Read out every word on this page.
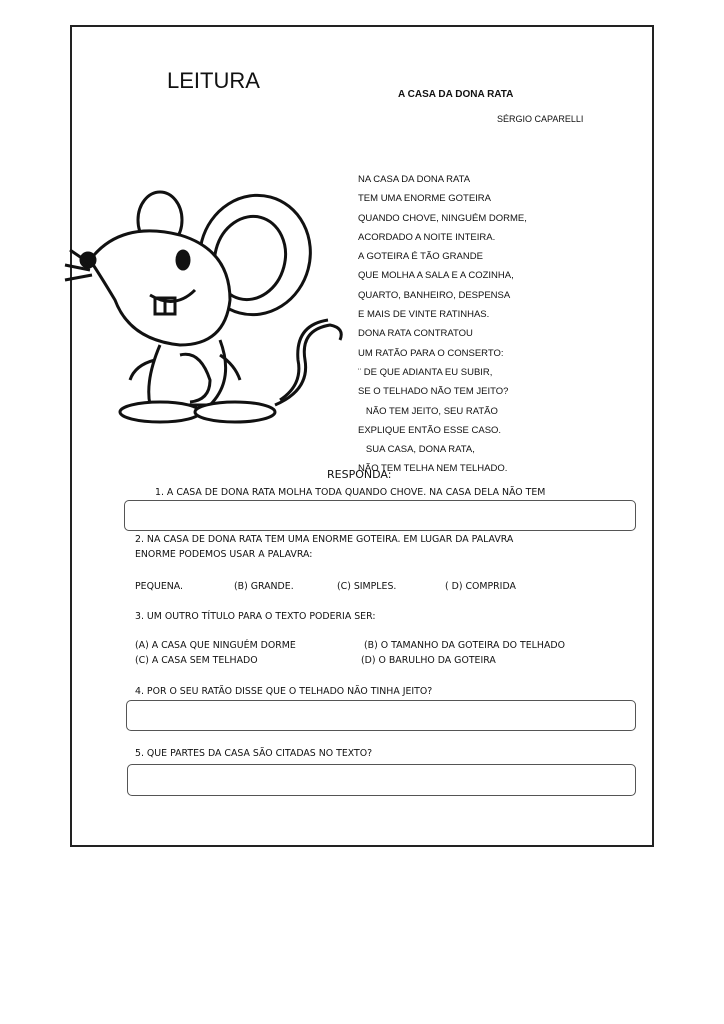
LEITURA
A CASA DA DONA RATA
SÉRGIO CAPARELLI
NA CASA DA DONA RATA
TEM UMA ENORME GOTEIRA
QUANDO CHOVE, NINGUÉM DORME,
ACORDADO A NOITE INTEIRA.
A GOTEIRA É TÃO GRANDE
QUE MOLHA A SALA E A COZINHA,
QUARTO, BANHEIRO, DESPENSA
E MAIS DE VINTE RATINHAS.
DONA RATA CONTRATOU
UM RATÃO PARA O CONSERTO:
¨ DE QUE ADIANTA EU SUBIR,
SE O TELHADO NÃO TEM JEITO?
NÃO TEM JEITO, SEU RATÃO
EXPLIQUE ENTÃO ESSE CASO.
SUA CASA, DONA RATA,
NÃO TEM TELHA NEM TELHADO.
RESPONDA:
1. A CASA DE DONA RATA MOLHA TODA QUANDO CHOVE. NA CASA DELA NÃO TEM
2. NA CASA DE DONA RATA TEM UMA ENORME GOTEIRA. EM LUGAR DA PALAVRA
ENORME PODEMOS USAR A PALAVRA:
PEQUENA.	(B) GRANDE.	(C) SIMPLES.	( D) COMPRIDA
3. UM OUTRO TÍTULO PARA O TEXTO PODERIA SER:
(A) A CASA QUE NINGUÉM DORME	(B) O TAMANHO DA GOTEIRA DO TELHADO
(C) A CASA SEM TELHADO	(D) O BARULHO DA GOTEIRA
4. POR O SEU RATÃO DISSE QUE O TELHADO NÃO TINHA JEITO?
5. QUE PARTES DA CASA SÃO CITADAS NO TEXTO?
